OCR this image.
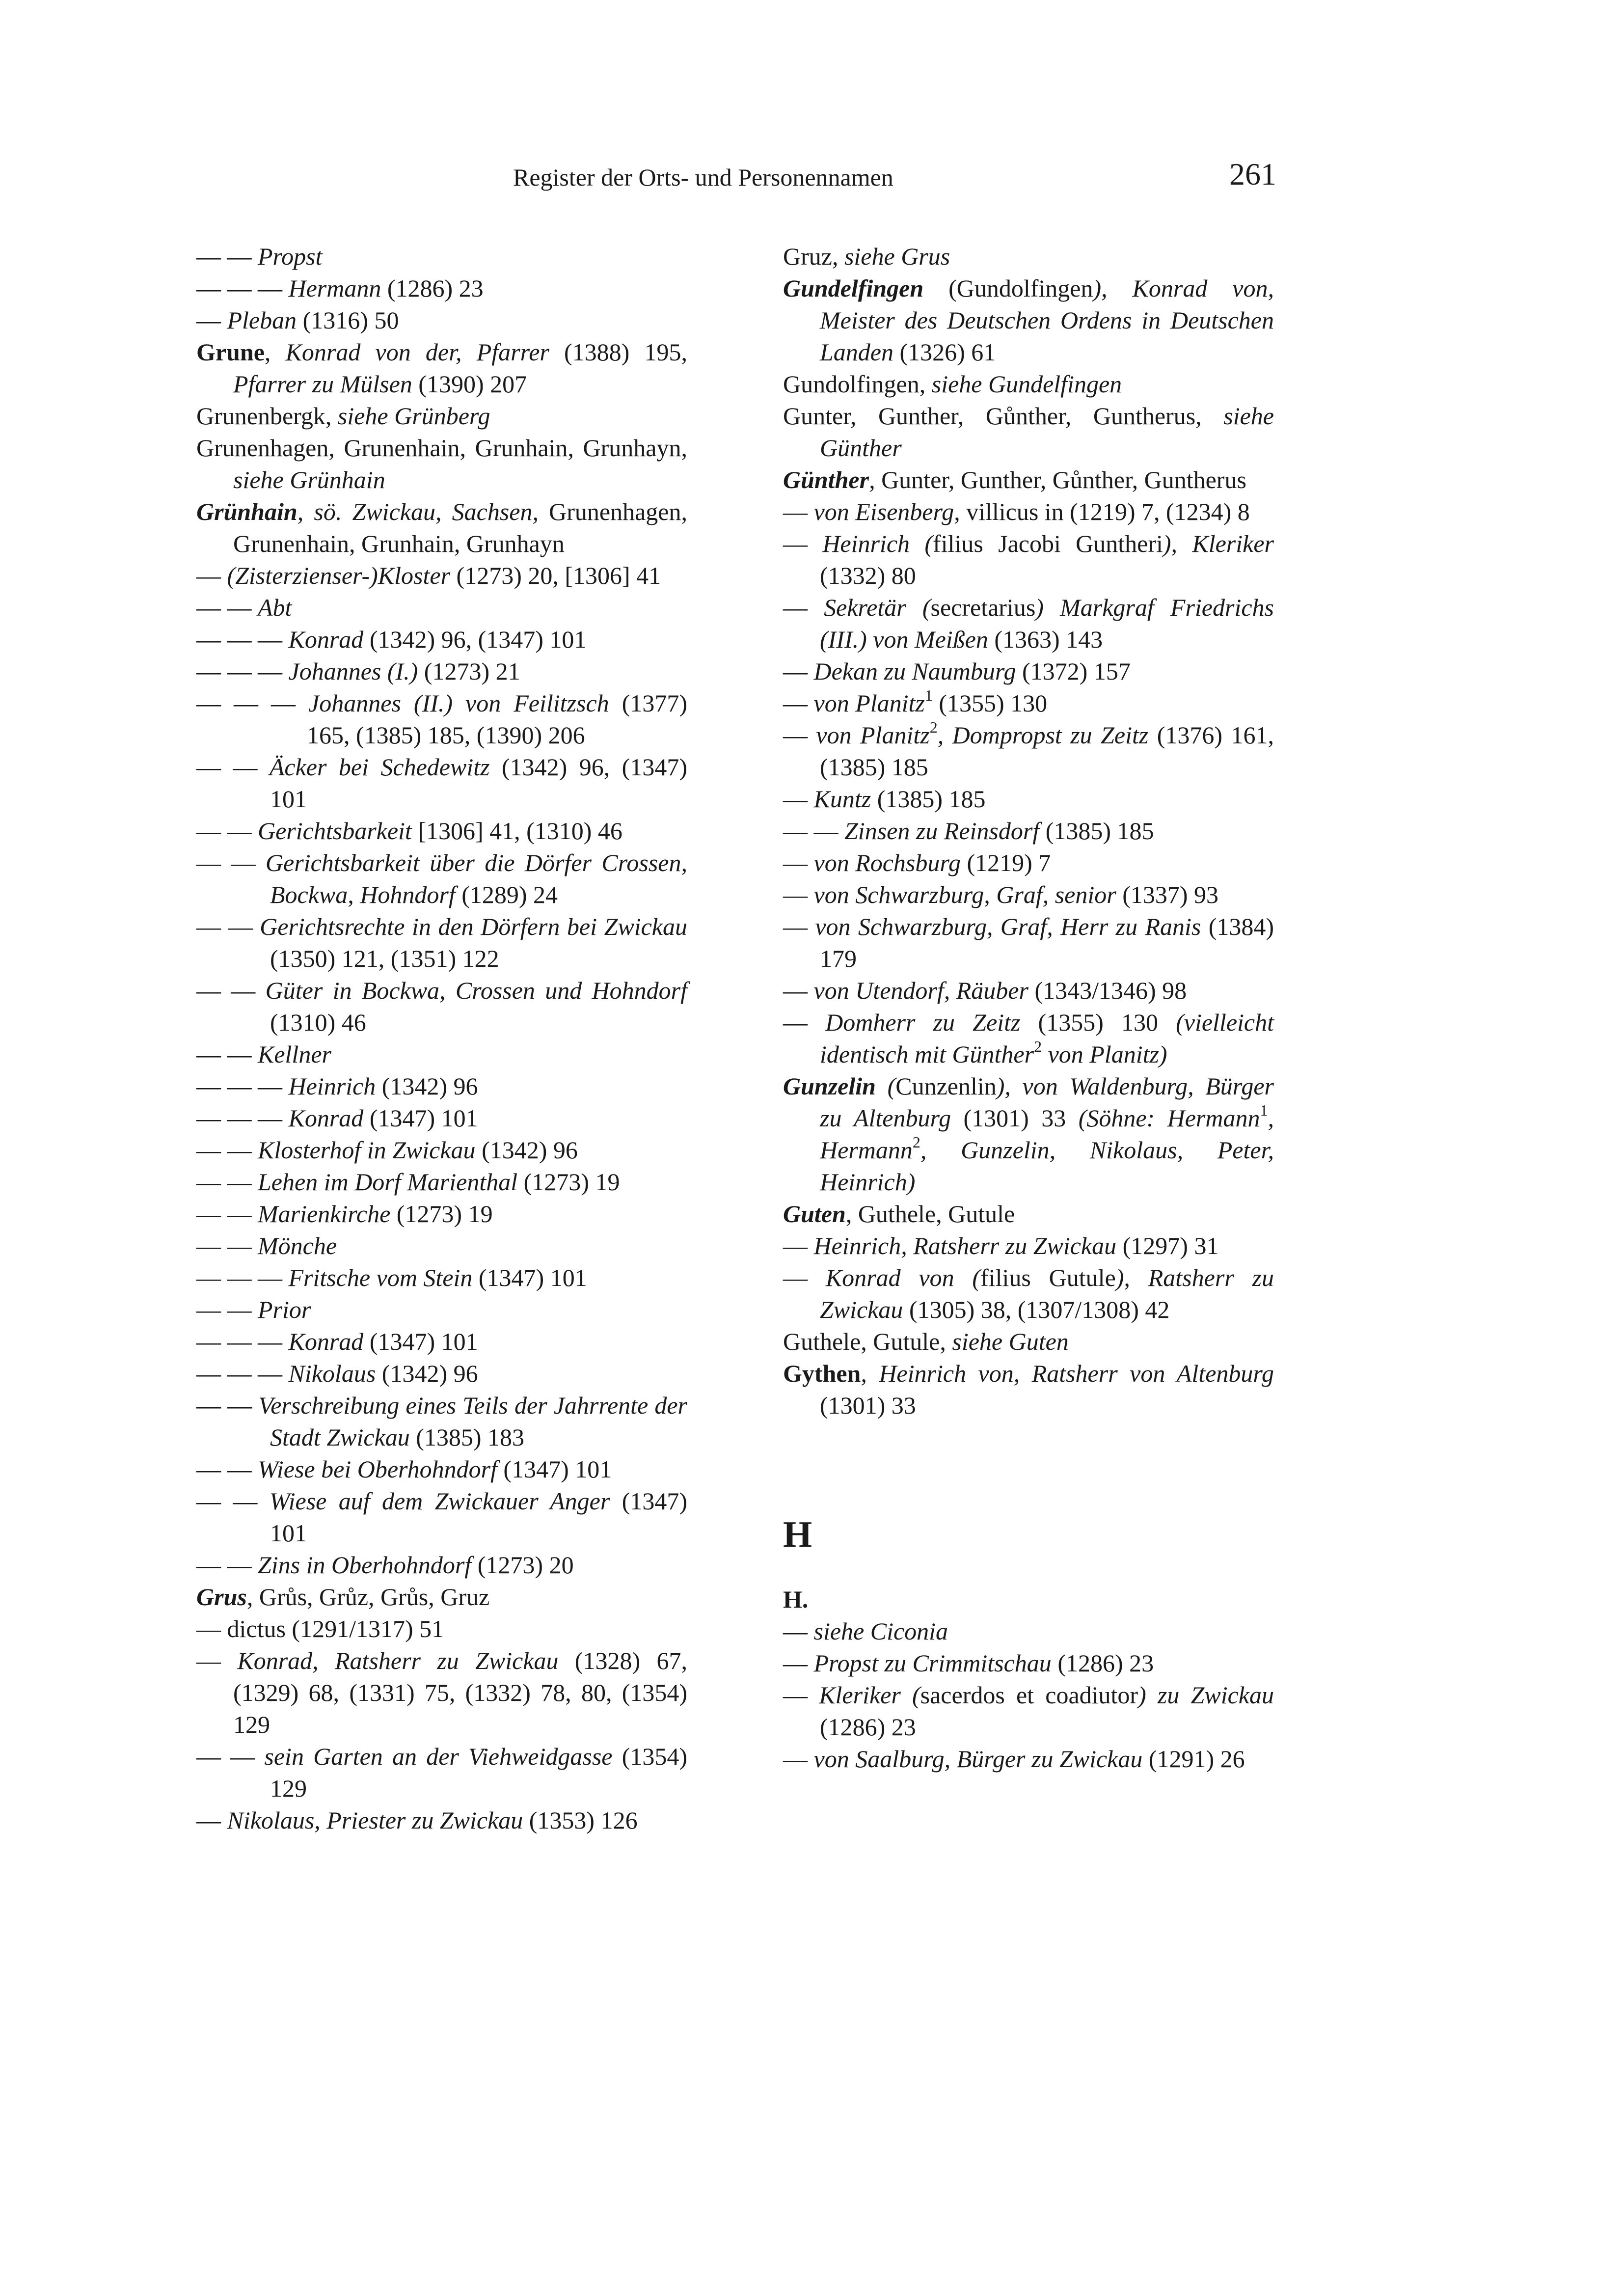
Register der Orts- und Personennamen	261

— — Propst

— — — Hermann (1286) 23

— Pleban (1316) 50

Grune, Konrad von der, Pfarrer (1388) 195, Pfarrer zu Mülsen (1390) 207

Grunenbergk, siehe Grünberg

Grunenhagen, Grunenhain, Grunhain, Grunhayn, siehe Grünhain

Grünhain, sö. Zwickau, Sachsen, Grunenhagen, Grunenhain, Grunhain, Grunhayn

— (Zisterzienser-)Kloster (1273) 20, [1306] 41

— — Abt

— — — Konrad (1342) 96, (1347) 101

— — — Johannes (I.) (1273) 21

— — — Johannes (II.) von Feilitzsch (1377) 165, (1385) 185, (1390) 206

— — Äcker bei Schedewitz (1342) 96, (1347) 101

— — Gerichtsbarkeit [1306] 41, (1310) 46

— — Gerichtsbarkeit über die Dörfer Crossen, Bockwa, Hohndorf (1289) 24

— — Gerichtsrechte in den Dörfern bei Zwickau (1350) 121, (1351) 122

— — Güter in Bockwa, Crossen und Hohndorf (1310) 46

— — Kellner

— — — Heinrich (1342) 96

— — — Konrad (1347) 101

— — Klosterhof in Zwickau (1342) 96

— — Lehen im Dorf Marienthal (1273) 19

— — Marienkirche (1273) 19

— — Mönche

— — — Fritsche vom Stein (1347) 101

— — Prior

— — — Konrad (1347) 101

— — — Nikolaus (1342) 96

— — Verschreibung eines Teils der Jahrrente der Stadt Zwickau (1385) 183

— — Wiese bei Oberhohndorf (1347) 101

— — Wiese auf dem Zwickauer Anger (1347) 101

— — Zins in Oberhohndorf (1273) 20

Grus, Grůs, Grůz, Grůs, Gruz

— dictus (1291/1317) 51

— Konrad, Ratsherr zu Zwickau (1328) 67, (1329) 68, (1331) 75, (1332) 78, 80, (1354) 129

— — sein Garten an der Viehweidgasse (1354) 129

— Nikolaus, Priester zu Zwickau (1353) 126

Gruz, siehe Grus

Gundelfingen (Gundolfingen), Konrad von, Meister des Deutschen Ordens in Deutschen Landen (1326) 61

Gundolfingen, siehe Gundelfingen

Gunter, Gunther, Gůnther, Guntherus, siehe Günther

Günther, Gunter, Gunther, Gůnther, Guntherus

— von Eisenberg, villicus in (1219) 7, (1234) 8

— Heinrich (filius Jacobi Guntheri), Kleriker (1332) 80

— Sekretär (secretarius) Markgraf Friedrichs (III.) von Meißen (1363) 143

— Dekan zu Naumburg (1372) 157

— von Planitz$^1$ (1355) 130

— von Planitz$^2$, Dompropst zu Zeitz (1376) 161, (1385) 185

— Kuntz (1385) 185

— — Zinsen zu Reinsdorf (1385) 185

— von Rochsburg (1219) 7

— von Schwarzburg, Graf, senior (1337) 93

— von Schwarzburg, Graf, Herr zu Ranis (1384) 179

— von Utendorf, Räuber (1343/1346) 98

— Domherr zu Zeitz (1355) 130 (vielleicht identisch mit Günther$^2$ von Planitz)

Gunzelin (Cunzenlin), von Waldenburg, Bürger zu Altenburg (1301) 33 (Söhne: Hermann$^1$, Hermann$^2$, Gunzelin, Nikolaus, Peter, Heinrich)

Guten, Guthele, Gutule

— Heinrich, Ratsherr zu Zwickau (1297) 31

— Konrad von (filius Gutule), Ratsherr zu Zwickau (1305) 38, (1307/1308) 42

Guthele, Gutule, siehe Guten

Gythen, Heinrich von, Ratsherr von Altenburg (1301) 33

H

H.

— siehe Ciconia

— Propst zu Crimmitschau (1286) 23

— Kleriker (sacerdos et coadiutor) zu Zwickau (1286) 23

— von Saalburg, Bürger zu Zwickau (1291) 26
